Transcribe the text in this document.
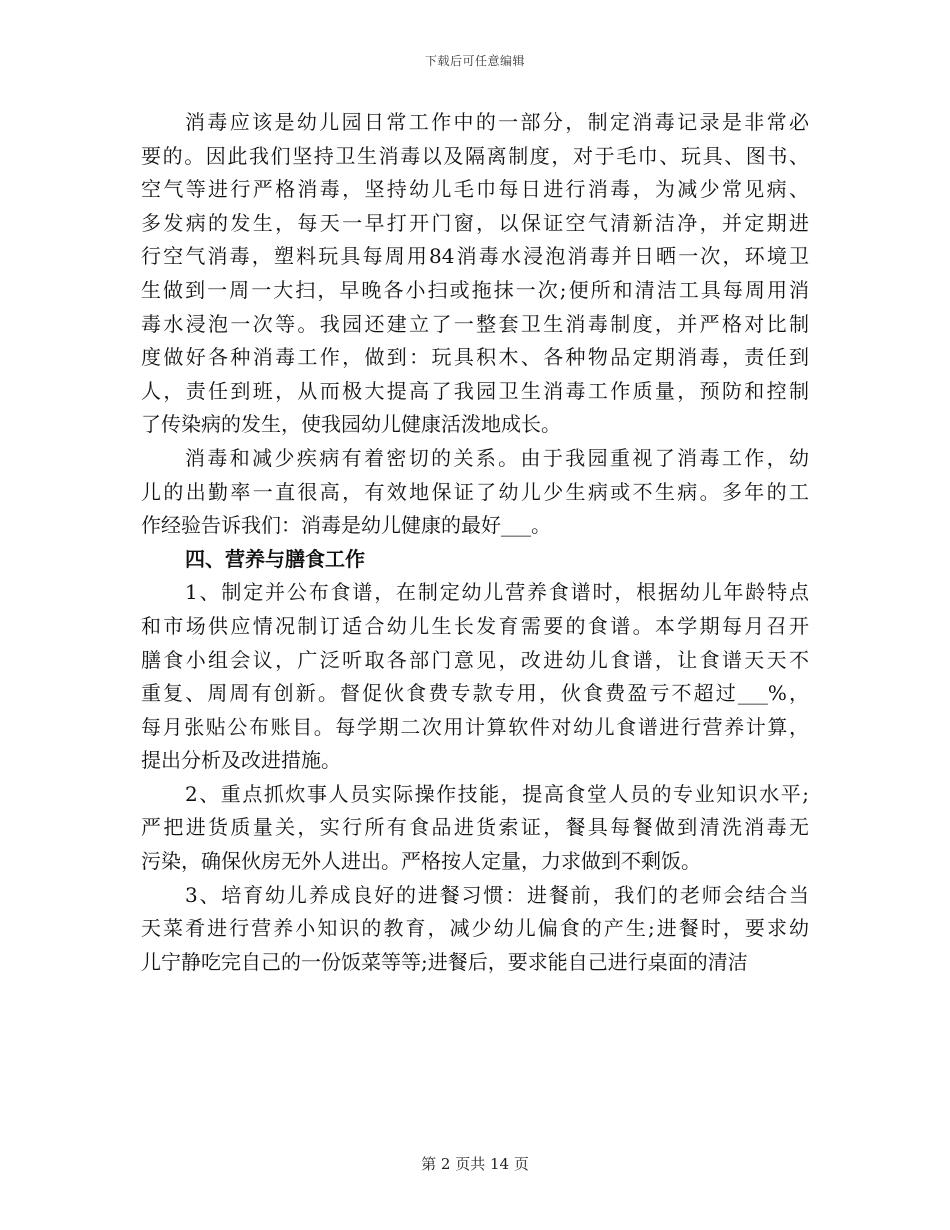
下载后可任意编辑
消毒应该是幼儿园日常工作中的一部分，制定消毒记录是非常必
要的。因此我们坚持卫生消毒以及隔离制度，对于毛巾、玩具、图书、
空气等进行严格消毒，坚持幼儿毛巾每日进行消毒，为减少常见病、
多发病的发生，每天一早打开门窗，以保证空气清新洁净，并定期进
行空气消毒，塑料玩具每周用84消毒水浸泡消毒并日晒一次，环境卫
生做到一周一大扫，早晚各小扫或拖抹一次;便所和清洁工具每周用消
毒水浸泡一次等。我园还建立了一整套卫生消毒制度，并严格对比制
度做好各种消毒工作，做到：玩具积木、各种物品定期消毒，责任到
人，责任到班，从而极大提高了我园卫生消毒工作质量，预防和控制
了传染病的发生，使我园幼儿健康活泼地成长。
消毒和减少疾病有着密切的关系。由于我园重视了消毒工作，幼
儿的出勤率一直很高，有效地保证了幼儿少生病或不生病。多年的工
作经验告诉我们：消毒是幼儿健康的最好___。
四、营养与膳食工作
1、制定并公布食谱，在制定幼儿营养食谱时，根据幼儿年龄特点
和市场供应情况制订适合幼儿生长发育需要的食谱。本学期每月召开
膳食小组会议，广泛听取各部门意见，改进幼儿食谱，让食谱天天不
重复、周周有创新。督促伙食费专款专用，伙食费盈亏不超过___%，
每月张贴公布账目。每学期二次用计算软件对幼儿食谱进行营养计算，
提出分析及改进措施。
2、重点抓炊事人员实际操作技能，提高食堂人员的专业知识水平;
严把进货质量关，实行所有食品进货索证，餐具每餐做到清洗消毒无
污染，确保伙房无外人进出。严格按人定量，力求做到不剩饭。
3、培育幼儿养成良好的进餐习惯：进餐前，我们的老师会结合当
天菜肴进行营养小知识的教育，减少幼儿偏食的产生;进餐时，要求幼
儿宁静吃完自己的一份饭菜等等;进餐后，要求能自己进行桌面的清洁
第 2 页共 14 页
